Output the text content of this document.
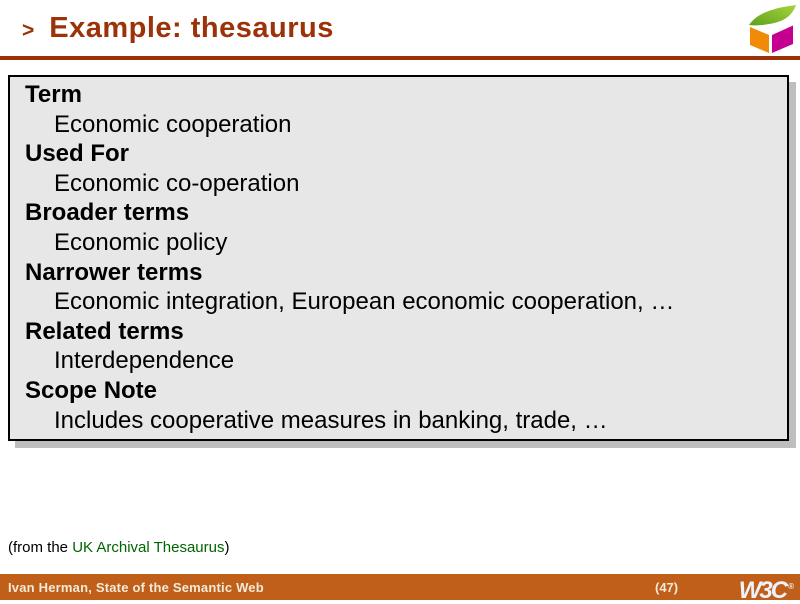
> Example: thesaurus
Term
Economic cooperation
Used For
Economic co-operation
Broader terms
Economic policy
Narrower terms
Economic integration, European economic cooperation, …
Related terms
Interdependence
Scope Note
Includes cooperative measures in banking, trade, …
(from the UK Archival Thesaurus)
Ivan Herman, State of the Semantic Web	(47)	W3C ®
